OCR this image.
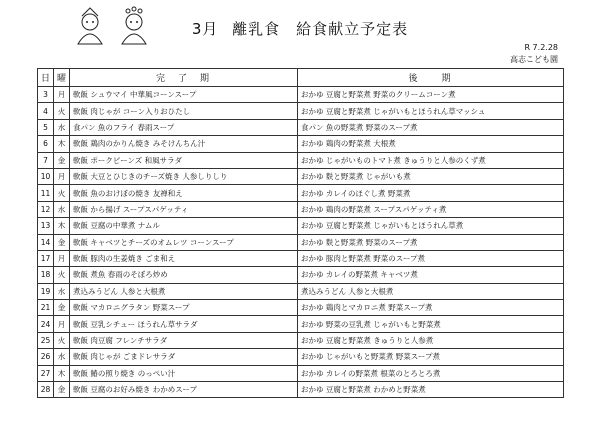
3月 離乳食　給食献立予定表
R 7.2.28
高志こども園
日	曜	完　了　期	後　　期
3	月	軟飯 シュウマイ 中華風コーンスープ	おかゆ 豆腐と野菜煮 野菜のクリームコーン煮
4	火	軟飯 肉じゃが コーン入りおひたし	おかゆ 豆腐と野菜煮 じゃがいもとほうれん草マッシュ
5	水	食パン 魚のフライ 春雨スープ	食パン 魚の野菜煮 野菜のスープ煮
6	木	軟飯 鶏肉のかりん焼き みそけんちん汁	おかゆ 鶏肉の野菜煮 大根煮
7	金	軟飯 ポークビーンズ 和風サラダ	おかゆ じゃがいものトマト煮 きゅうりと人参のくず煮
10	月	軟飯 大豆とひじきのチーズ焼き 人参しりしり	おかゆ 麩と野菜煮 じゃがいも煮
11	火	軟飯 魚のおけぼの焼き 友禅和え	おかゆ カレイのほぐし煮 野菜煮
12	水	軟飯 から揚げ スープスパゲッティ	おかゆ 鶏肉の野菜煮 スープスパゲッティ煮
13	木	軟飯 豆腐の中華煮 ナムル	おかゆ 豆腐と野菜煮 じゃがいもとほうれん草煮
14	金	軟飯 キャベツとチーズのオムレツ コーンスープ	おかゆ 麩と野菜煮 野菜のスープ煮
17	月	軟飯 豚肉の生姜焼き ごま和え	おかゆ 豚肉と野菜煮 野菜のスープ煮
18	火	軟飯 煮魚 春雨のそぼろ炒め	おかゆ カレイの野菜煮 キャベツ煮
19	水	煮込みうどん 人参と大根煮	煮込みうどん 人参と大根煮
21	金	軟飯 マカロニグラタン 野菜スープ	おかゆ 鶏肉とマカロニ煮 野菜スープ煮
24	月	軟飯 豆乳シチュー ほうれん草サラダ	おかゆ 野菜の豆乳煮 じゃがいもと野菜煮
25	火	軟飯 肉豆腐 フレンチサラダ	おかゆ 豆腐と野菜煮 きゅうりと人参煮
26	水	軟飯 肉じゃが ごまドレサラダ	おかゆ じゃがいもと野菜煮 野菜スープ煮
27	木	軟飯 鰆の照り焼き のっぺい汁	おかゆ カレイの野菜煮 根菜のとろとろ煮
28	金	軟飯 豆腐のお好み焼き わかめスープ	おかゆ 豆腐と野菜煮 わかめと野菜煮
